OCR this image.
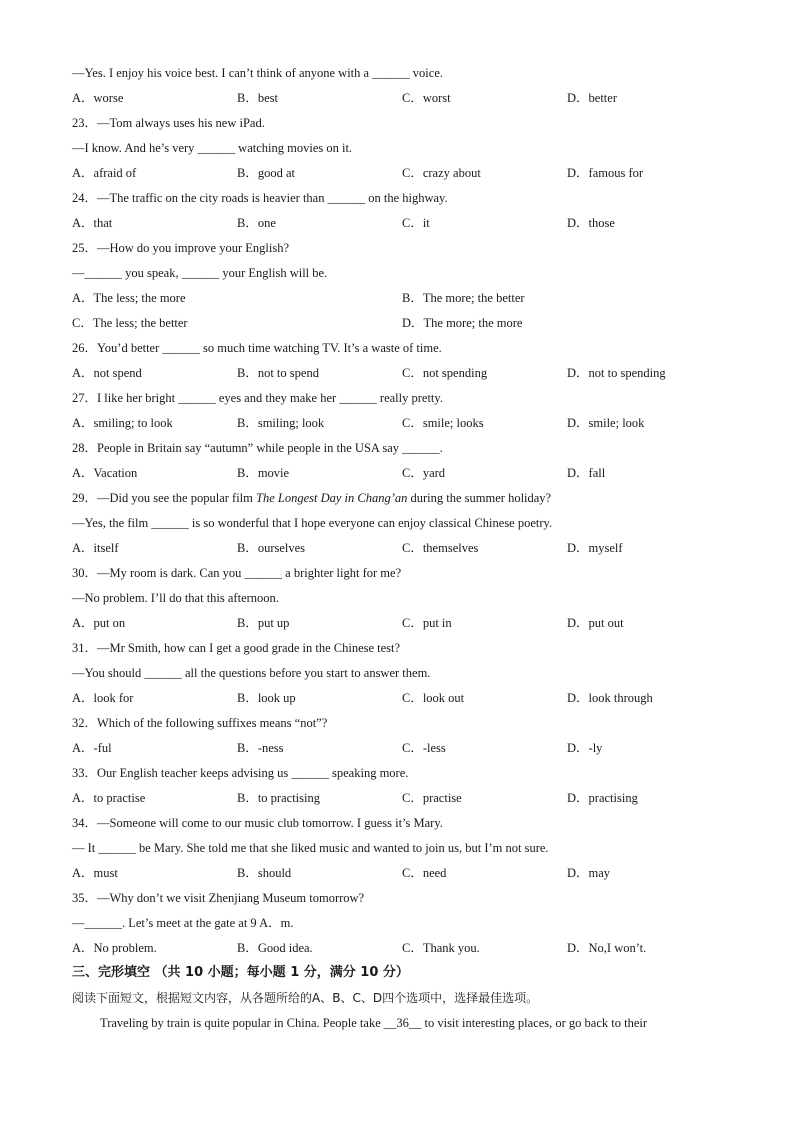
—Yes. I enjoy his voice best. I can’t think of anyone with a ______ voice.
A．worse	B．best	C．worst	D．better
23．—Tom always uses his new iPad.
—I know. And he’s very ______ watching movies on it.
A．afraid of	B．good at	C．crazy about	D．famous for
24．—The traffic on the city roads is heavier than ______ on the highway.
A．that	B．one	C．it	D．those
25．—How do you improve your English?
—______ you speak, ______ your English will be.
A．The less; the more	B．The more; the better
C．The less; the better	D．The more; the more
26．You’d better ______ so much time watching TV. It’s a waste of time.
A．not spend	B．not to spend	C．not spending	D．not to spending
27．I like her bright ______ eyes and they make her ______ really pretty.
A．smiling; to look	B．smiling; look	C．smile; looks	D．smile; look
28．People in Britain say “autumn” while people in the USA say ______.
A．Vacation	B．movie	C．yard	D．fall
29．—Did you see the popular film The Longest Day in Chang’an during the summer holiday?
—Yes, the film ______ is so wonderful that I hope everyone can enjoy classical Chinese poetry.
A．itself	B．ourselves	C．themselves	D．myself
30．—My room is dark. Can you ______ a brighter light for me?
—No problem. I’ll do that this afternoon.
A．put on	B．put up	C．put in	D．put out
31．—Mr Smith, how can I get a good grade in the Chinese test?
—You should ______ all the questions before you start to answer them.
A．look for	B．look up	C．look out	D．look through
32．Which of the following suffixes means “not”?
A．-ful	B．-ness	C．-less	D．-ly
33．Our English teacher keeps advising us ______ speaking more.
A．to practise	B．to practising	C．practise	D．practising
34．—Someone will come to our music club tomorrow. I guess it’s Mary.
— It ______ be Mary. She told me that she liked music and wanted to join us, but I’m not sure.
A．must	B．should	C．need	D．may
35．—Why don’t we visit Zhenjiang Museum tomorrow?
—______. Let’s meet at the gate at 9 A．m.
A．No problem.	B．Good idea.	C．Thank you.	D．No,I won’t.
三、完形填空 （共 10 小题；每小题 1 分，满分 10 分）
阅读下面短文，根据短文内容，从各题所给的A、B、C、D四个选项中，选择最佳选项。
Traveling by train is quite popular in China. People take __36__ to visit interesting places, or go back to their
